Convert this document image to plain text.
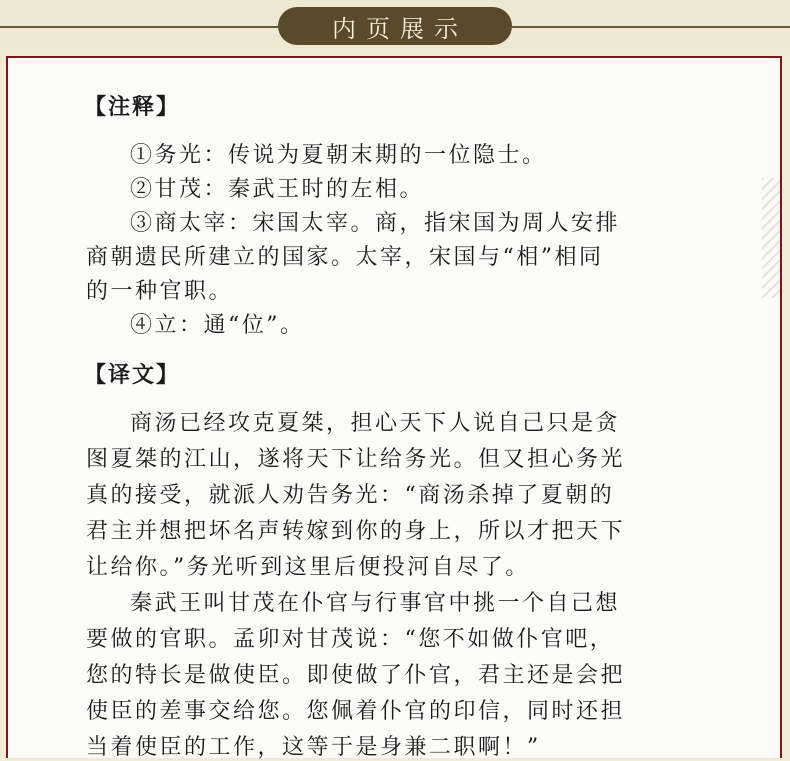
内页展示
【注释】
①务光：传说为夏朝末期的一位隐士。
②甘茂：秦武王时的左相。
③商太宰：宋国太宰。商，指宋国为周人安排
商朝遗民所建立的国家。太宰，宋国与“相”相同
的一种官职。
④立：通“位”。
【译文】
商汤已经攻克夏桀，担心天下人说自己只是贪
图夏桀的江山，遂将天下让给务光。但又担心务光
真的接受，就派人劝告务光：“商汤杀掉了夏朝的
君主并想把坏名声转嫁到你的身上，所以才把天下
让给你。”务光听到这里后便投河自尽了。
秦武王叫甘茂在仆官与行事官中挑一个自己想
要做的官职。孟卯对甘茂说：“您不如做仆官吧，
您的特长是做使臣。即使做了仆官，君主还是会把
使臣的差事交给您。您佩着仆官的印信，同时还担
当着使臣的工作，这等于是身兼二职啊！”
